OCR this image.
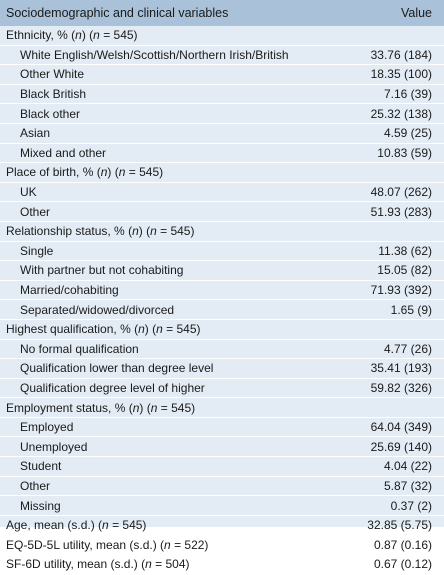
Sociodemographic and clinical variables	Value
Ethnicity, % (n) (n = 545)
White English/Welsh/Scottish/Northern Irish/British	33.76 (184)
Other White	18.35 (100)
Black British	7.16 (39)
Black other	25.32 (138)
Asian	4.59 (25)
Mixed and other	10.83 (59)
Place of birth, % (n) (n = 545)
UK	48.07 (262)
Other	51.93 (283)
Relationship status, % (n) (n = 545)
Single	11.38 (62)
With partner but not cohabiting	15.05 (82)
Married/cohabiting	71.93 (392)
Separated/widowed/divorced	1.65 (9)
Highest qualification, % (n) (n = 545)
No formal qualification	4.77 (26)
Qualification lower than degree level	35.41 (193)
Qualification degree level of higher	59.82 (326)
Employment status, % (n) (n = 545)
Employed	64.04 (349)
Unemployed	25.69 (140)
Student	4.04 (22)
Other	5.87 (32)
Missing	0.37 (2)
Age, mean (s.d.) (n = 545)	32.85 (5.75)
EQ-5D-5L utility, mean (s.d.) (n = 522)	0.87 (0.16)
SF-6D utility, mean (s.d.) (n = 504)	0.67 (0.12)
